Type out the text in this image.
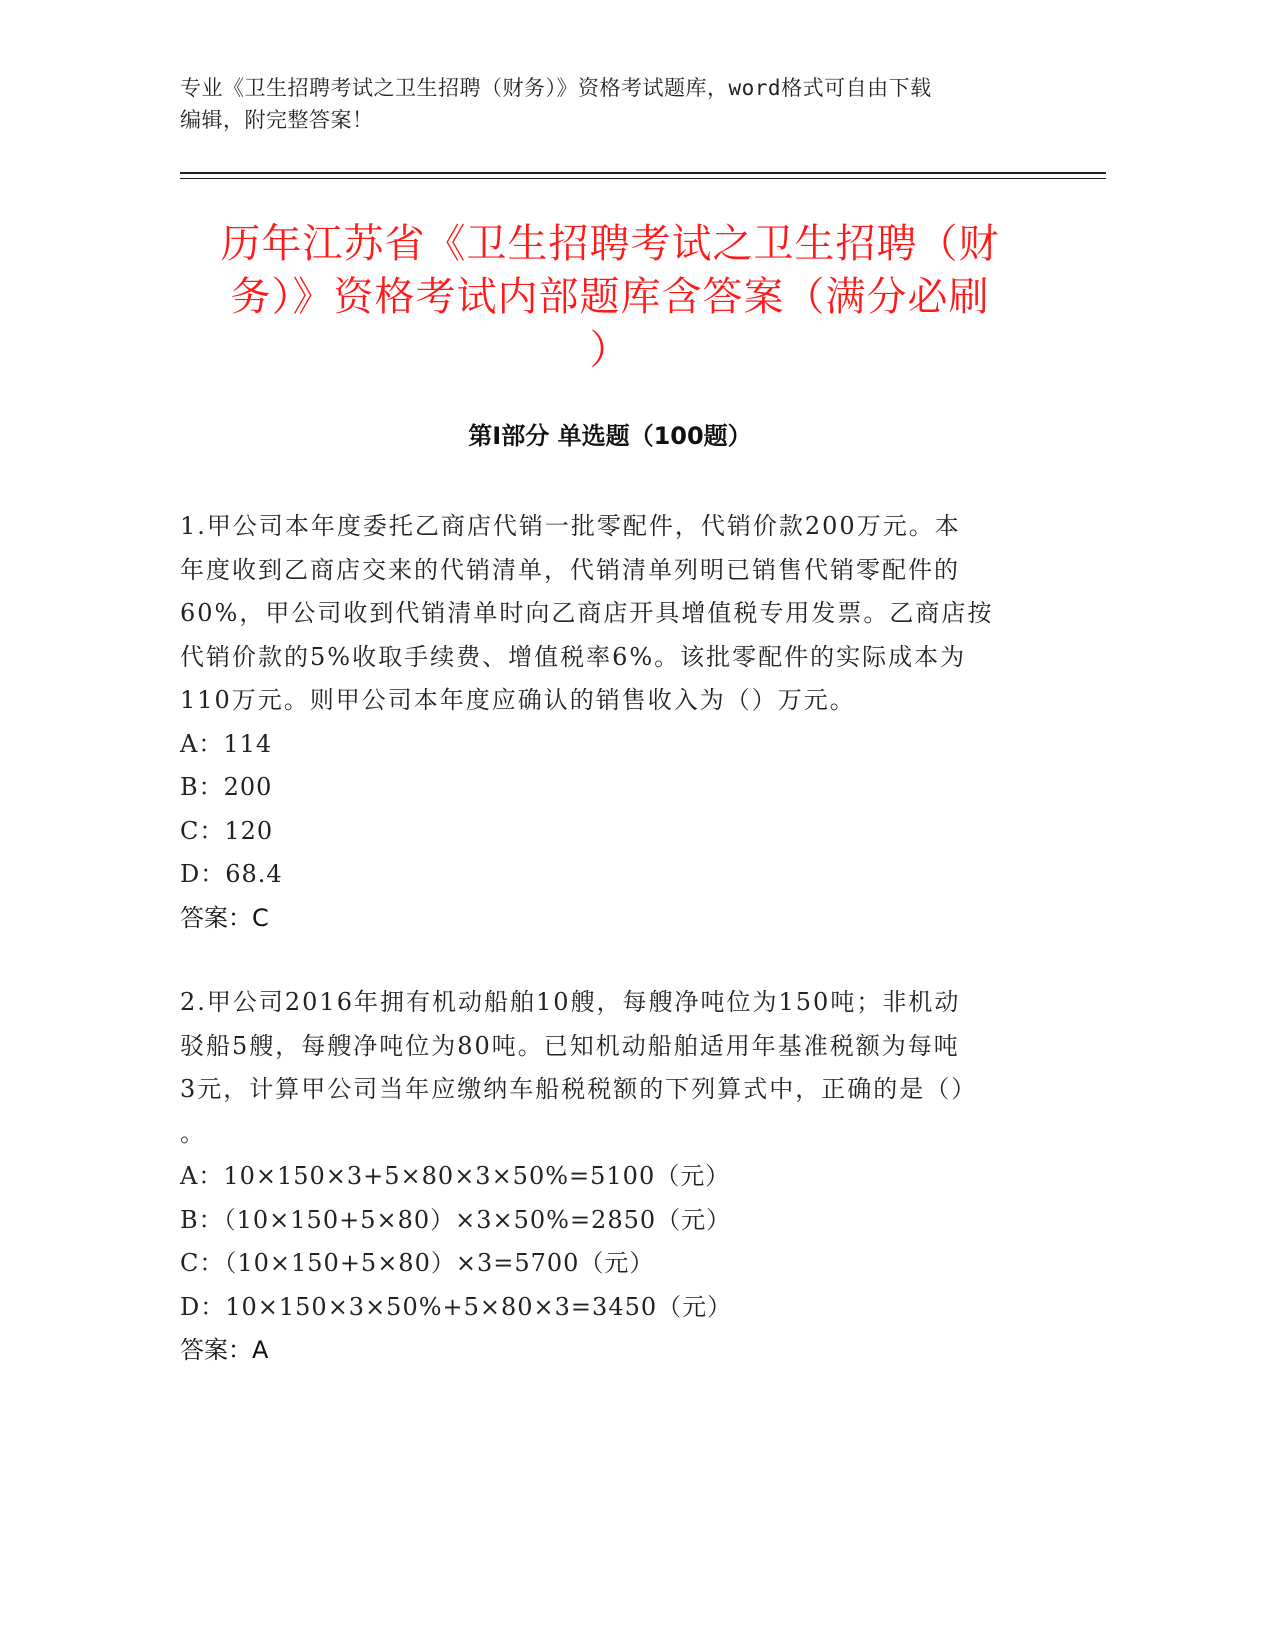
专业《卫生招聘考试之卫生招聘（财务）》资格考试题库，word格式可自由下载
编辑，附完整答案！
历年江苏省《卫生招聘考试之卫生招聘（财
务）》资格考试内部题库含答案（满分必刷
）
第Ⅰ部分 单选题（100题）
1.甲公司本年度委托乙商店代销一批零配件，代销价款200万元。本
年度收到乙商店交来的代销清单，代销清单列明已销售代销零配件的
60%，甲公司收到代销清单时向乙商店开具增值税专用发票。乙商店按
代销价款的5%收取手续费、增值税率6%。该批零配件的实际成本为
110万元。则甲公司本年度应确认的销售收入为（）万元。
A：114
B：200
C：120
D：68.4
答案：C
2.甲公司2016年拥有机动船舶10艘，每艘净吨位为150吨；非机动
驳船5艘，每艘净吨位为80吨。已知机动船舶适用年基准税额为每吨
3元，计算甲公司当年应缴纳车船税税额的下列算式中，正确的是（）
。
A：10×150×3+5×80×3×50%=5100（元）
B：（10×150+5×80）×3×50%=2850（元）
C：（10×150+5×80）×3=5700（元）
D：10×150×3×50%+5×80×3=3450（元）
答案：A
